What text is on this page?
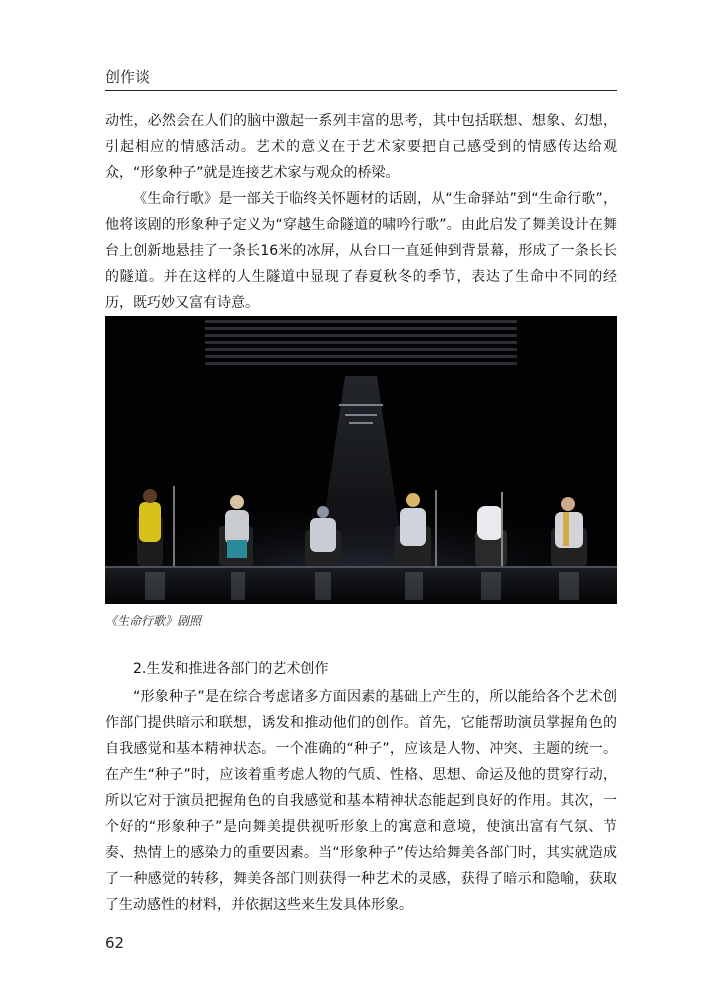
创作谈

动性，必然会在人们的脑中激起一系列丰富的思考，其中包括联想、想象、幻想，引起相应的情感活动。艺术的意义在于艺术家要把自己感受到的情感传达给观众，“形象种子”就是连接艺术家与观众的桥梁。

《生命行歌》是一部关于临终关怀题材的话剧，从“生命驿站”到“生命行歌”，他将该剧的形象种子定义为“穿越生命隧道的啸吟行歌”。由此启发了舞美设计在舞台上创新地悬挂了一条长16米的冰屏，从台口一直延伸到背景幕，形成了一条长长的隧道。并在这样的人生隧道中显现了春夏秋冬的季节，表达了生命中不同的经历，既巧妙又富有诗意。

《生命行歌》剧照
2.生发和推进各部门的艺术创作

“形象种子”是在综合考虑诸多方面因素的基础上产生的，所以能给各个艺术创作部门提供暗示和联想，诱发和推动他们的创作。首先，它能帮助演员掌握角色的自我感觉和基本精神状态。一个准确的“种子”，应该是人物、冲突、主题的统一。在产生“种子”时，应该着重考虑人物的气质、性格、思想、命运及他的贯穿行动，所以它对于演员把握角色的自我感觉和基本精神状态能起到良好的作用。其次，一个好的“形象种子”是向舞美提供视听形象上的寓意和意境，使演出富有气氛、节奏、热情上的感染力的重要因素。当“形象种子”传达给舞美各部门时，其实就造成了一种感觉的转移，舞美各部门则获得一种艺术的灵感，获得了暗示和隐喻，获取了生动感性的材料，并依据这些来生发具体形象。

62
